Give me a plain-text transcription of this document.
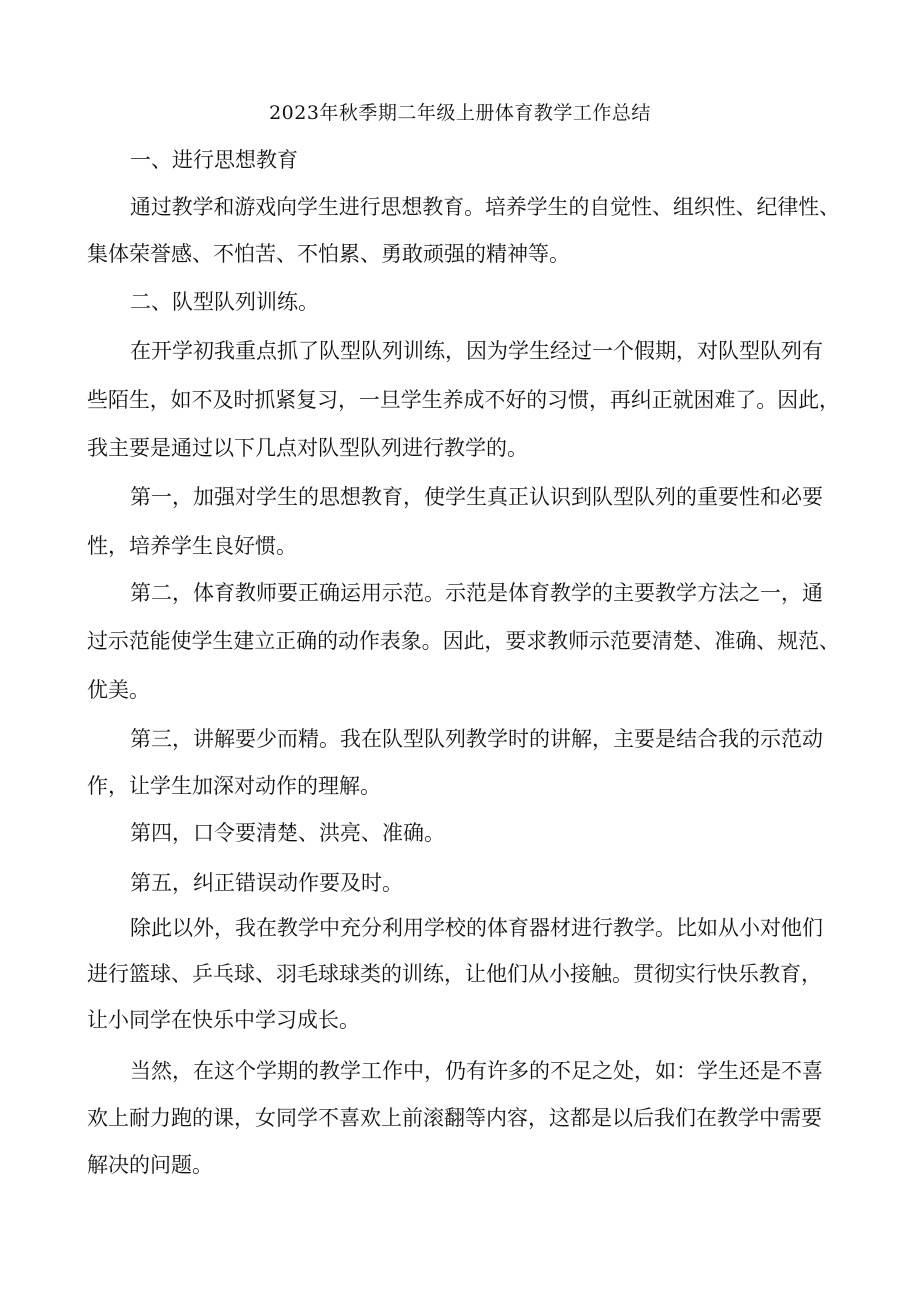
2023年秋季期二年级上册体育教学工作总结
一、进行思想教育
通过教学和游戏向学生进行思想教育。培养学生的自觉性、组织性、纪律性、
集体荣誉感、不怕苦、不怕累、勇敢顽强的精神等。
二、队型队列训练。
在开学初我重点抓了队型队列训练，因为学生经过一个假期，对队型队列有
些陌生，如不及时抓紧复习，一旦学生养成不好的习惯，再纠正就困难了。因此，
我主要是通过以下几点对队型队列进行教学的。
第一，加强对学生的思想教育，使学生真正认识到队型队列的重要性和必要
性，培养学生良好惯。
第二，体育教师要正确运用示范。示范是体育教学的主要教学方法之一，通
过示范能使学生建立正确的动作表象。因此，要求教师示范要清楚、准确、规范、
优美。
第三，讲解要少而精。我在队型队列教学时的讲解，主要是结合我的示范动
作，让学生加深对动作的理解。
第四，口令要清楚、洪亮、准确。
第五，纠正错误动作要及时。
除此以外，我在教学中充分利用学校的体育器材进行教学。比如从小对他们
进行篮球、乒乓球、羽毛球球类的训练，让他们从小接触。贯彻实行快乐教育，
让小同学在快乐中学习成长。
当然，在这个学期的教学工作中，仍有许多的不足之处，如：学生还是不喜
欢上耐力跑的课，女同学不喜欢上前滚翻等内容，这都是以后我们在教学中需要
解决的问题。
